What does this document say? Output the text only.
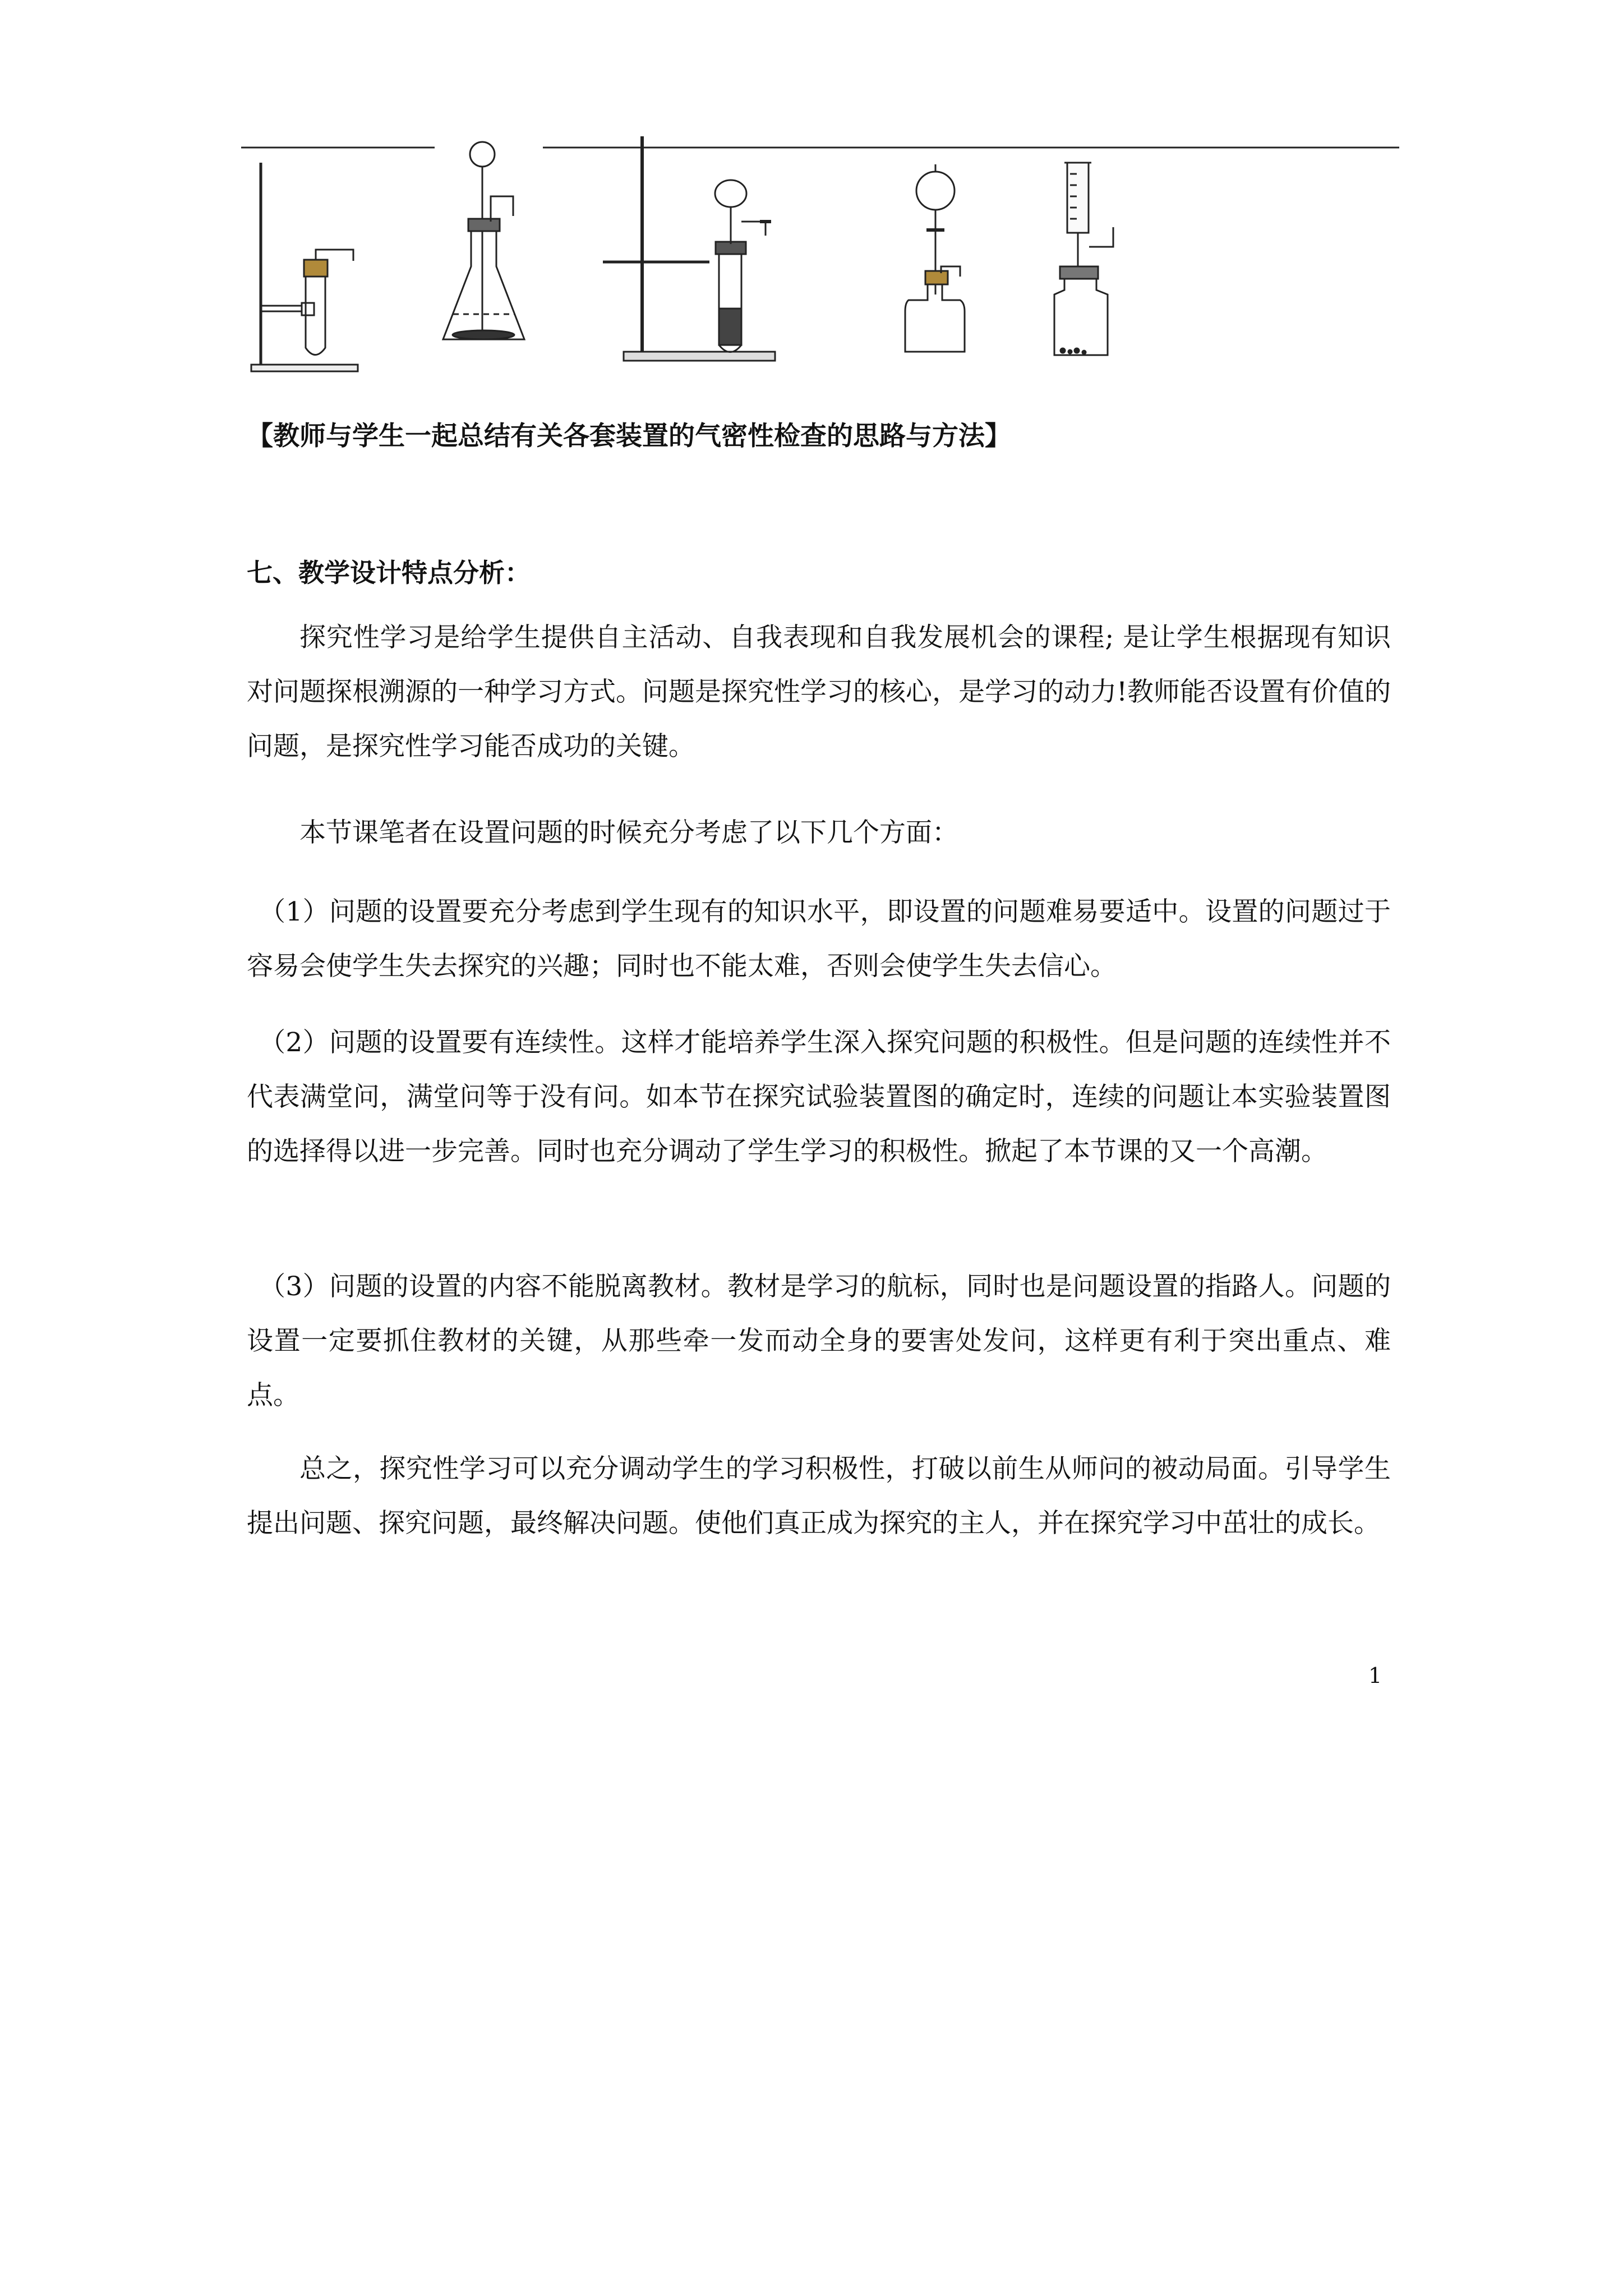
【教师与学生一起总结有关各套装置的气密性检查的思路与方法】
七、教学设计特点分析：
探究性学习是给学生提供自主活动、自我表现和自我发展机会的课程; 是让学生根据现有知识对问题探根溯源的一种学习方式。问题是探究性学习的核心，是学习的动力!教师能否设置有价值的问题，是探究性学习能否成功的关键。
本节课笔者在设置问题的时候充分考虑了以下几个方面：
（1）问题的设置要充分考虑到学生现有的知识水平，即设置的问题难易要适中。设置的问题过于容易会使学生失去探究的兴趣；同时也不能太难，否则会使学生失去信心。
（2）问题的设置要有连续性。这样才能培养学生深入探究问题的积极性。但是问题的连续性并不代表满堂问，满堂问等于没有问。如本节在探究试验装置图的确定时，连续的问题让本实验装置图的选择得以进一步完善。同时也充分调动了学生学习的积极性。掀起了本节课的又一个高潮。
（3）问题的设置的内容不能脱离教材。教材是学习的航标，同时也是问题设置的指路人。问题的设置一定要抓住教材的关键，从那些牵一发而动全身的要害处发问，这样更有利于突出重点、难点。
总之，探究性学习可以充分调动学生的学习积极性，打破以前生从师问的被动局面。引导学生提出问题、探究问题，最终解决问题。使他们真正成为探究的主人，并在探究学习中茁壮的成长。
1
